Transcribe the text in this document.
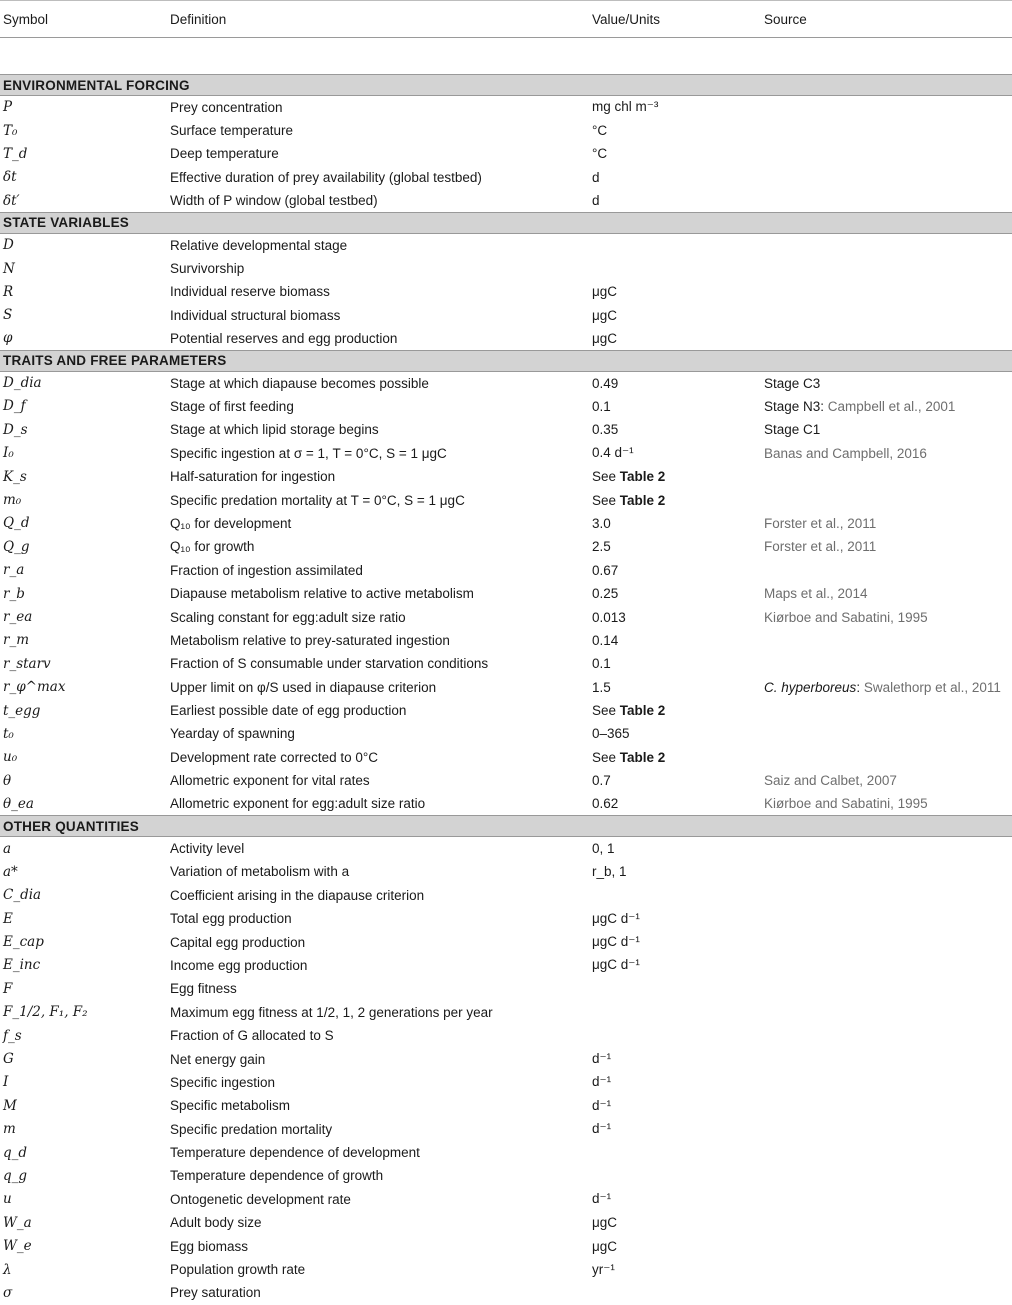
Symbol	Definition	Value/Units	Source

ENVIRONMENTAL FORCING			
P	Prey concentration	mg chl m⁻³	
T₀	Surface temperature	°C	
T_d	Deep temperature	°C	
δt	Effective duration of prey availability (global testbed)	d	
δt′	Width of P window (global testbed)	d	
STATE VARIABLES			
D	Relative developmental stage		
N	Survivorship		
R	Individual reserve biomass	μgC	
S	Individual structural biomass	μgC	
φ	Potential reserves and egg production	μgC	
TRAITS AND FREE PARAMETERS			
D_dia	Stage at which diapause becomes possible	0.49	Stage C3
D_f	Stage of first feeding	0.1	Stage N3: Campbell et al., 2001
D_s	Stage at which lipid storage begins	0.35	Stage C1
I₀	Specific ingestion at σ = 1, T = 0°C, S = 1 μgC	0.4 d⁻¹	Banas and Campbell, 2016
K_s	Half-saturation for ingestion	See Table 2	
m₀	Specific predation mortality at T = 0°C, S = 1 μgC	See Table 2	
Q_d	Q₁₀ for development	3.0	Forster et al., 2011
Q_g	Q₁₀ for growth	2.5	Forster et al., 2011
r_a	Fraction of ingestion assimilated	0.67	
r_b	Diapause metabolism relative to active metabolism	0.25	Maps et al., 2014
r_ea	Scaling constant for egg:adult size ratio	0.013	Kiørboe and Sabatini, 1995
r_m	Metabolism relative to prey-saturated ingestion	0.14	
r_starv	Fraction of S consumable under starvation conditions	0.1	
r_φ^max	Upper limit on φ/S used in diapause criterion	1.5	C. hyperboreus: Swalethorp et al., 2011
t_egg	Earliest possible date of egg production	See Table 2	
t₀	Yearday of spawning	0–365	
u₀	Development rate corrected to 0°C	See Table 2	
θ	Allometric exponent for vital rates	0.7	Saiz and Calbet, 2007
θ_ea	Allometric exponent for egg:adult size ratio	0.62	Kiørboe and Sabatini, 1995
OTHER QUANTITIES			
a	Activity level	0, 1	
a*	Variation of metabolism with a	r_b, 1	
C_dia	Coefficient arising in the diapause criterion		
E	Total egg production	μgC d⁻¹	
E_cap	Capital egg production	μgC d⁻¹	
E_inc	Income egg production	μgC d⁻¹	
F	Egg fitness		
F_1/2, F₁, F₂	Maximum egg fitness at 1/2, 1, 2 generations per year		
f_s	Fraction of G allocated to S		
G	Net energy gain	d⁻¹	
I	Specific ingestion	d⁻¹	
M	Specific metabolism	d⁻¹	
m	Specific predation mortality	d⁻¹	
q_d	Temperature dependence of development		
q_g	Temperature dependence of growth		
u	Ontogenetic development rate	d⁻¹	
W_a	Adult body size	μgC	
W_e	Egg biomass	μgC	
λ	Population growth rate	yr⁻¹	
σ	Prey saturation		
